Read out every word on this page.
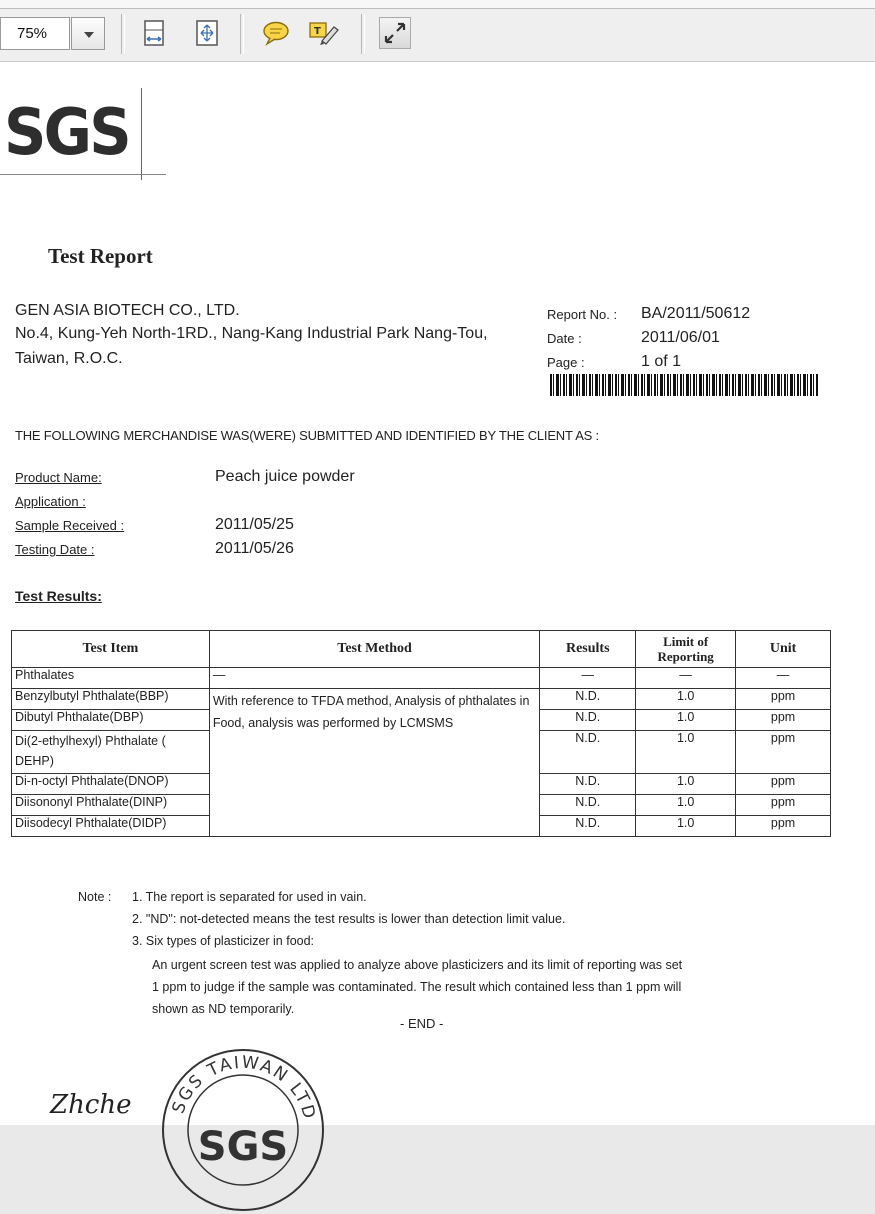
75%	T
SGS
Test Report
GEN ASIA BIOTECH CO., LTD.
No.4, Kung-Yeh North-1RD., Nang-Kang Industrial Park Nang-Tou, Taiwan, R.O.C.
Report No. :	BA/2011/50612
Date :	2011/06/01
Page :	1 of 1
THE FOLLOWING MERCHANDISE WAS(WERE) SUBMITTED AND IDENTIFIED BY THE CLIENT AS :
Product Name:	Peach juice powder
Application :
Sample Received :	2011/05/25
Testing Date :	2011/05/26
Test Results:
Test Item	Test Method	Results	Limit of Reporting	Unit
Phthalates	—	—	—	—
Benzylbutyl Phthalate(BBP)	With reference to TFDA method, Analysis of phthalates in Food, analysis was performed by LCMSMS	N.D.	1.0	ppm
Dibutyl Phthalate(DBP)		N.D.	1.0	ppm
Di(2-ethylhexyl) Phthalate ( DEHP)		N.D.	1.0	ppm
Di-n-octyl Phthalate(DNOP)		N.D.	1.0	ppm
Diisononyl Phthalate(DINP)		N.D.	1.0	ppm
Diisodecyl Phthalate(DIDP)		N.D.	1.0	ppm
Note : 1. The report is separated for used in vain.
2. "ND": not-detected means the test results is lower than detection limit value.
3. Six types of plasticizer in food:
An urgent screen test was applied to analyze above plasticizers and its limit of reporting was set
1 ppm to judge if the sample was contaminated. The result which contained less than 1 ppm will
shown as ND temporarily.
- END -
Zhche SGS TAIWAN LTD
SGS
